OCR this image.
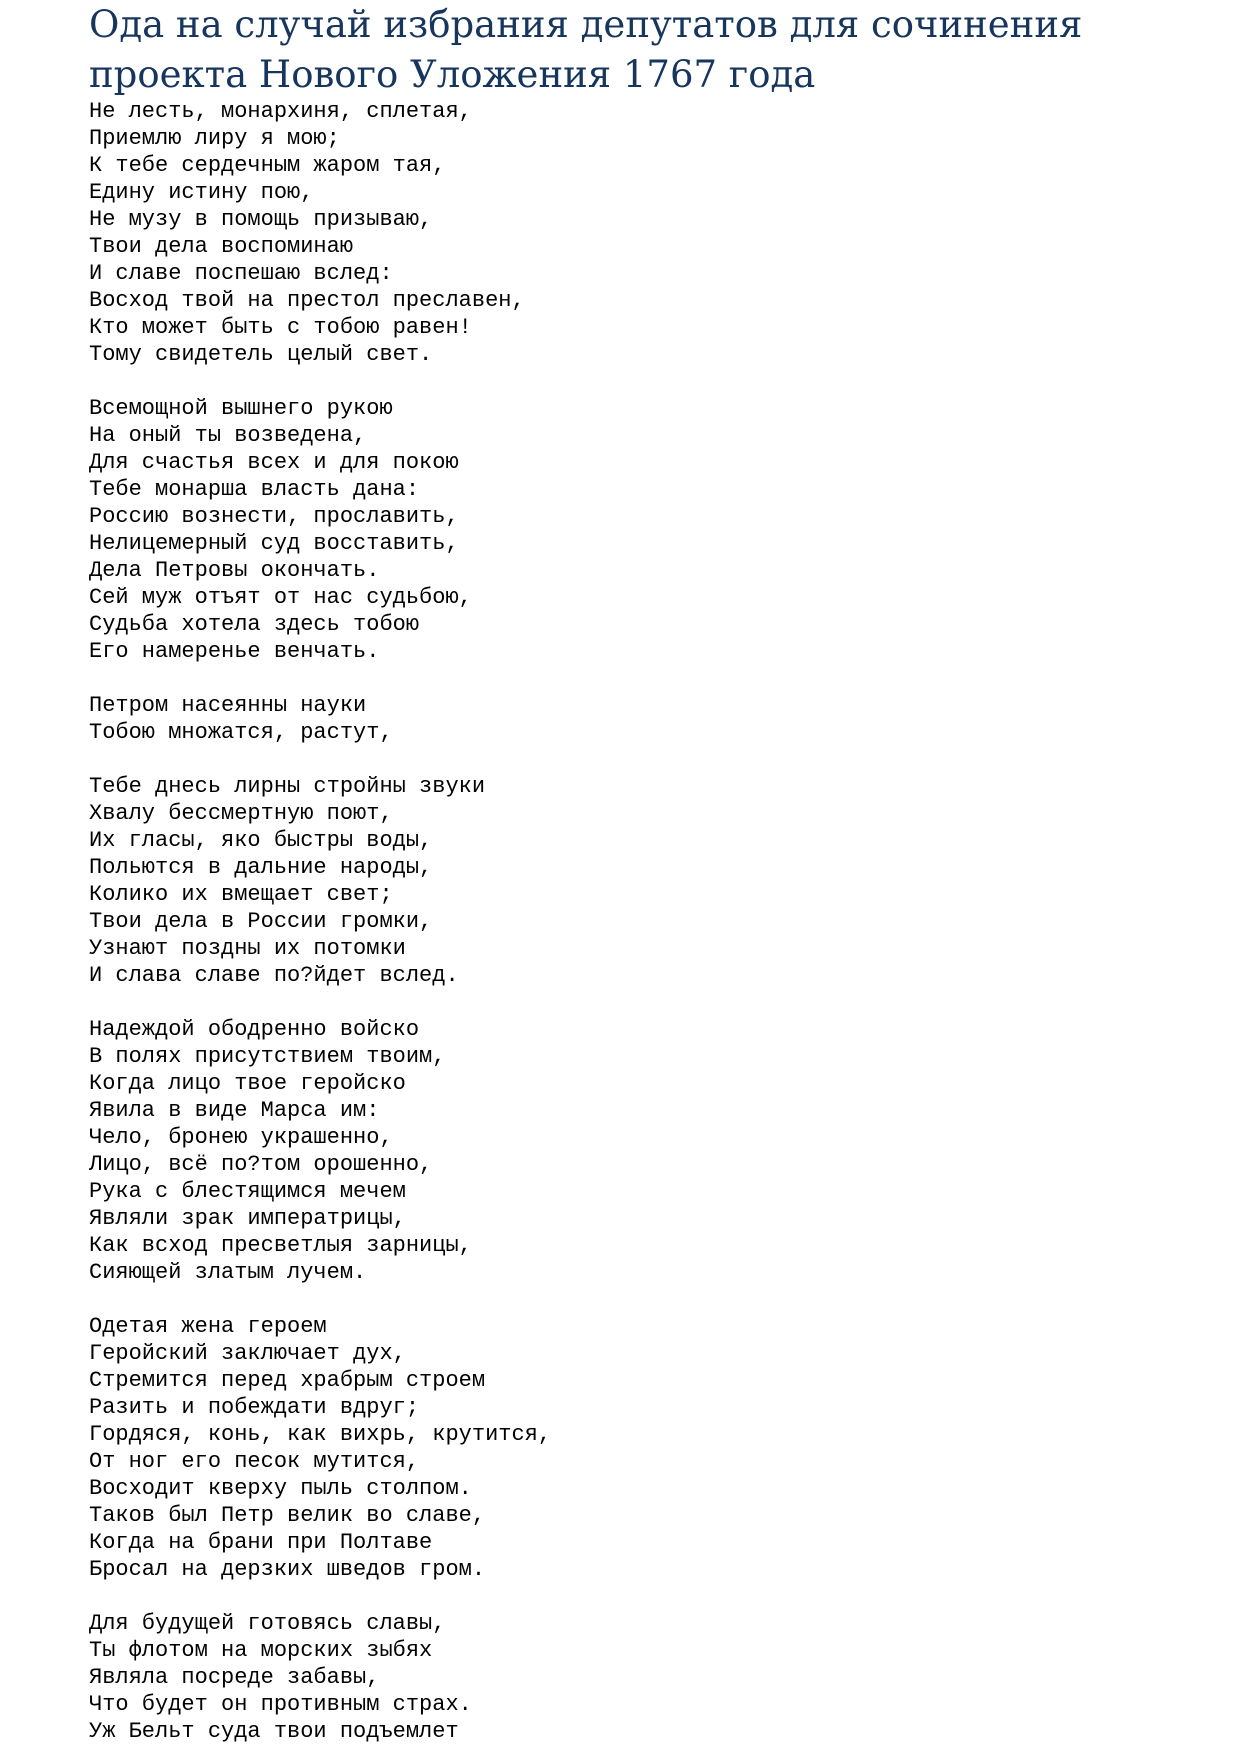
Ода на случай избрания депутатов для сочинения
проекта Нового Уложения 1767 года
Не лесть, монархиня, сплетая,
Приемлю лиру я мою;
К тебе сердечным жаром тая,
Едину истину пою,
Не музу в помощь призываю,
Твои дела воспоминаю
И славе поспешаю вслед:
Восход твой на престол преславен,
Кто может быть с тобою равен!
Тому свидетель целый свет.
Всемощной вышнего рукою
На оный ты возведена,
Для счастья всех и для покою
Тебе монарша власть дана:
Россию вознести, прославить,
Нелицемерный суд восставить,
Дела Петровы окончать.
Сей муж отъят от нас судьбою,
Судьба хотела здесь тобою
Его намеренье венчать.
Петром насеянны науки
Тобою множатся, растут,
Тебе днесь лирны стройны звуки
Хвалу бессмертную поют,
Их гласы, яко быстры воды,
Польются в дальние народы,
Колико их вмещает свет;
Твои дела в России громки,
Узнают поздны их потомки
И слава славе по?йдет вслед.
Надеждой ободренно войско
В полях присутствием твоим,
Когда лицо твое геройско
Явила в виде Марса им:
Чело, бронею украшенно,
Лицо, всё по?том орошенно,
Рука с блестящимся мечем
Являли зрак императрицы,
Как всход пресветлыя зарницы,
Сияющей златым лучем.
Одетая жена героем
Геройский заключает дух,
Стремится перед храбрым строем
Разить и побеждати вдруг;
Гордяся, конь, как вихрь, крутится,
От ног его песок мутится,
Восходит кверху пыль столпом.
Таков был Петр велик во славе,
Когда на брани при Полтаве
Бросал на дерзких шведов гром.
Для будущей готовясь славы,
Ты флотом на морских зыбях
Являла посреде забавы,
Что будет он противным страх.
Уж Бельт суда твои подъемлет
